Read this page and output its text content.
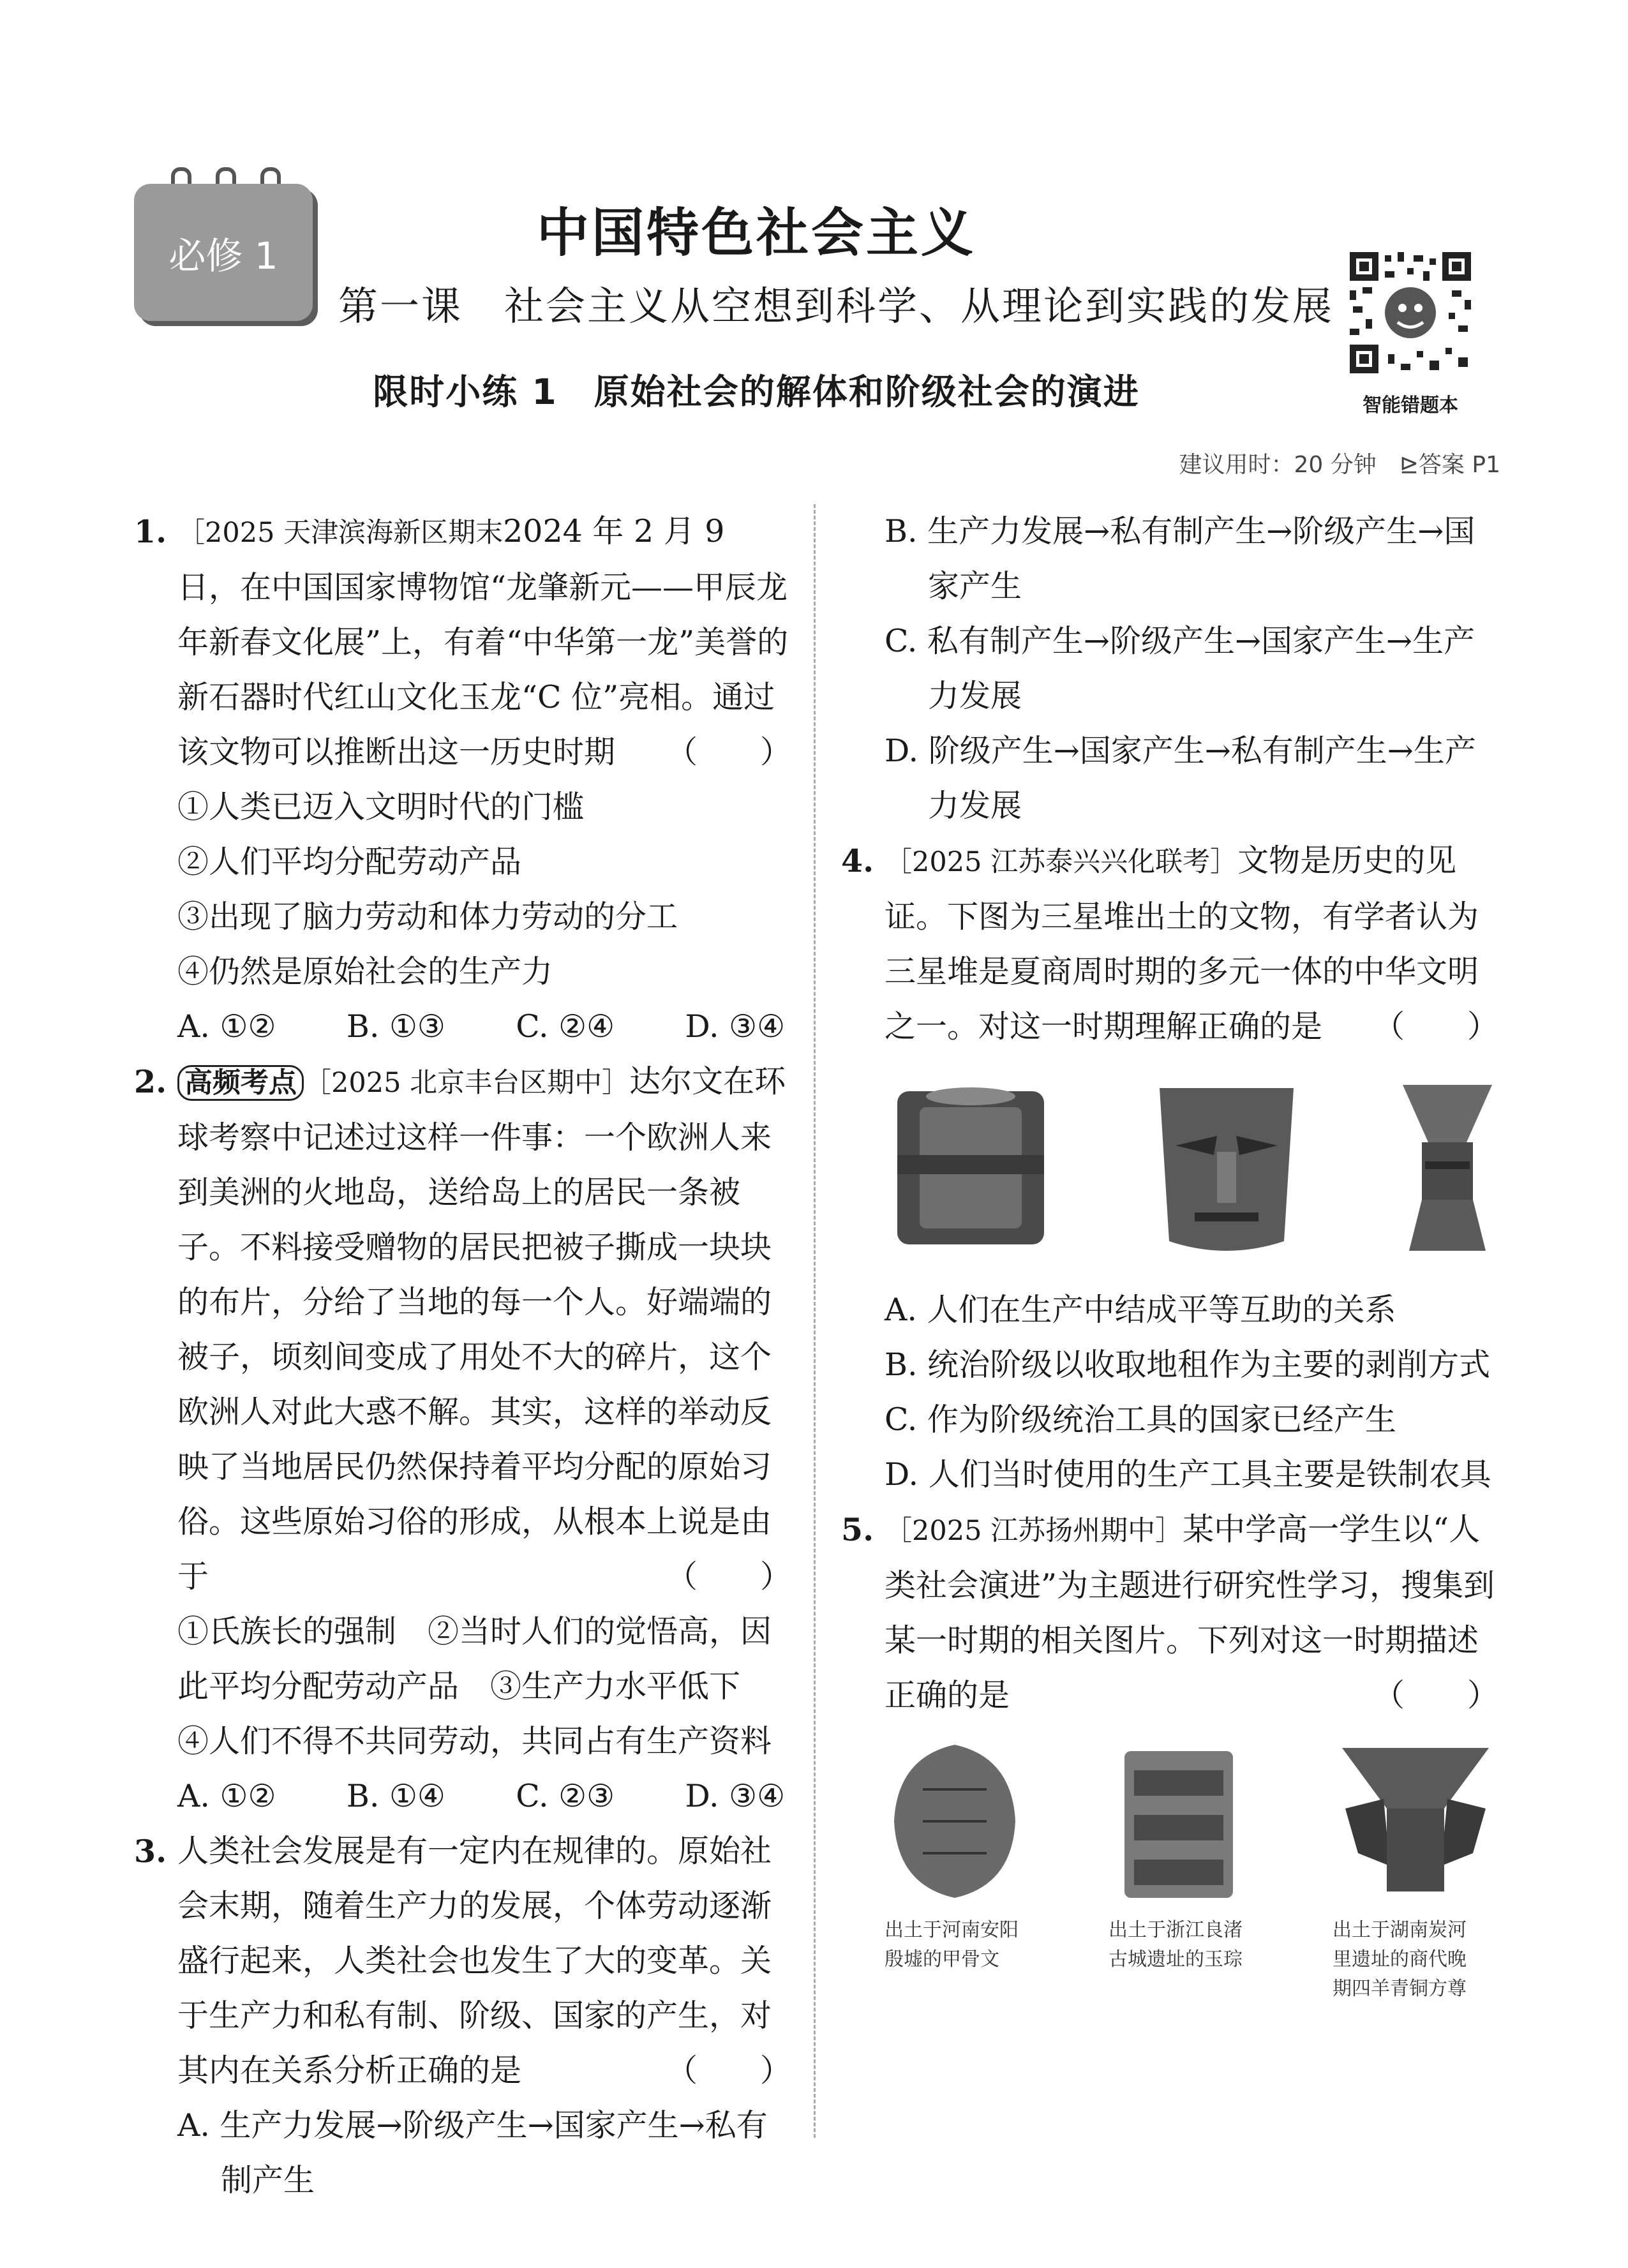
必修 1	中国特色社会主义
第一课　社会主义从空想到科学、从理论到实践的发展
限时小练 1　原始社会的解体和阶级社会的演进	智能错题本
建议用时：20 分钟　⊵答案 P1
1. ［2025 天津滨海新区期末2024 年 2 月 9 日，在中国国家博物馆“龙肇新元——甲辰龙年新春文化展”上，有着“中华第一龙”美誉的新石器时代红山文化玉龙“C 位”亮相。通过该文物可以推断出这一历史时期 （　　）
①人类已迈入文明时代的门槛
②人们平均分配劳动产品
③出现了脑力劳动和体力劳动的分工
④仍然是原始社会的生产力
A. ①② B. ①③ C. ②④ D. ③④
2. 高频考点 ［2025 北京丰台区期中］达尔文在环球考察中记述过这样一件事：一个欧洲人来到美洲的火地岛，送给岛上的居民一条被子。不料接受赠物的居民把被子撕成一块块的布片，分给了当地的每一个人。好端端的被子，顷刻间变成了用处不大的碎片，这个欧洲人对此大惑不解。其实，这样的举动反映了当地居民仍然保持着平均分配的原始习俗。这些原始习俗的形成，从根本上说是由于	（　　）
①氏族长的强制　②当时人们的觉悟高，因此平均分配劳动产品　③生产力水平低下
④人们不得不共同劳动，共同占有生产资料
A. ①② B. ①④ C. ②③ D. ③④
3. 人类社会发展是有一定内在规律的。原始社会末期，随着生产力的发展，个体劳动逐渐盛行起来，人类社会也发生了大的变革。关于生产力和私有制、阶级、国家的产生，对其内在关系分析正确的是	（　　）
A. 生产力发展→阶级产生→国家产生→私有制产生
B. 生产力发展→私有制产生→阶级产生→国家产生
C. 私有制产生→阶级产生→国家产生→生产力发展
D. 阶级产生→国家产生→私有制产生→生产力发展
4. ［2025 江苏泰兴兴化联考］文物是历史的见证。下图为三星堆出土的文物，有学者认为三星堆是夏商周时期的多元一体的中华文明之一。对这一时期理解正确的是 （　　）
A. 人们在生产中结成平等互助的关系
B. 统治阶级以收取地租作为主要的剥削方式
C. 作为阶级统治工具的国家已经产生
D. 人们当时使用的生产工具主要是铁制农具
5. ［2025 江苏扬州期中］某中学高一学生以“人类社会演进”为主题进行研究性学习，搜集到某一时期的相关图片。下列对这一时期描述正确的是	（　　）
出土于河南安阳殷墟的甲骨文
出土于浙江良渚古城遗址的玉琮
出土于湖南炭河里遗址的商代晚期四羊青铜方尊
